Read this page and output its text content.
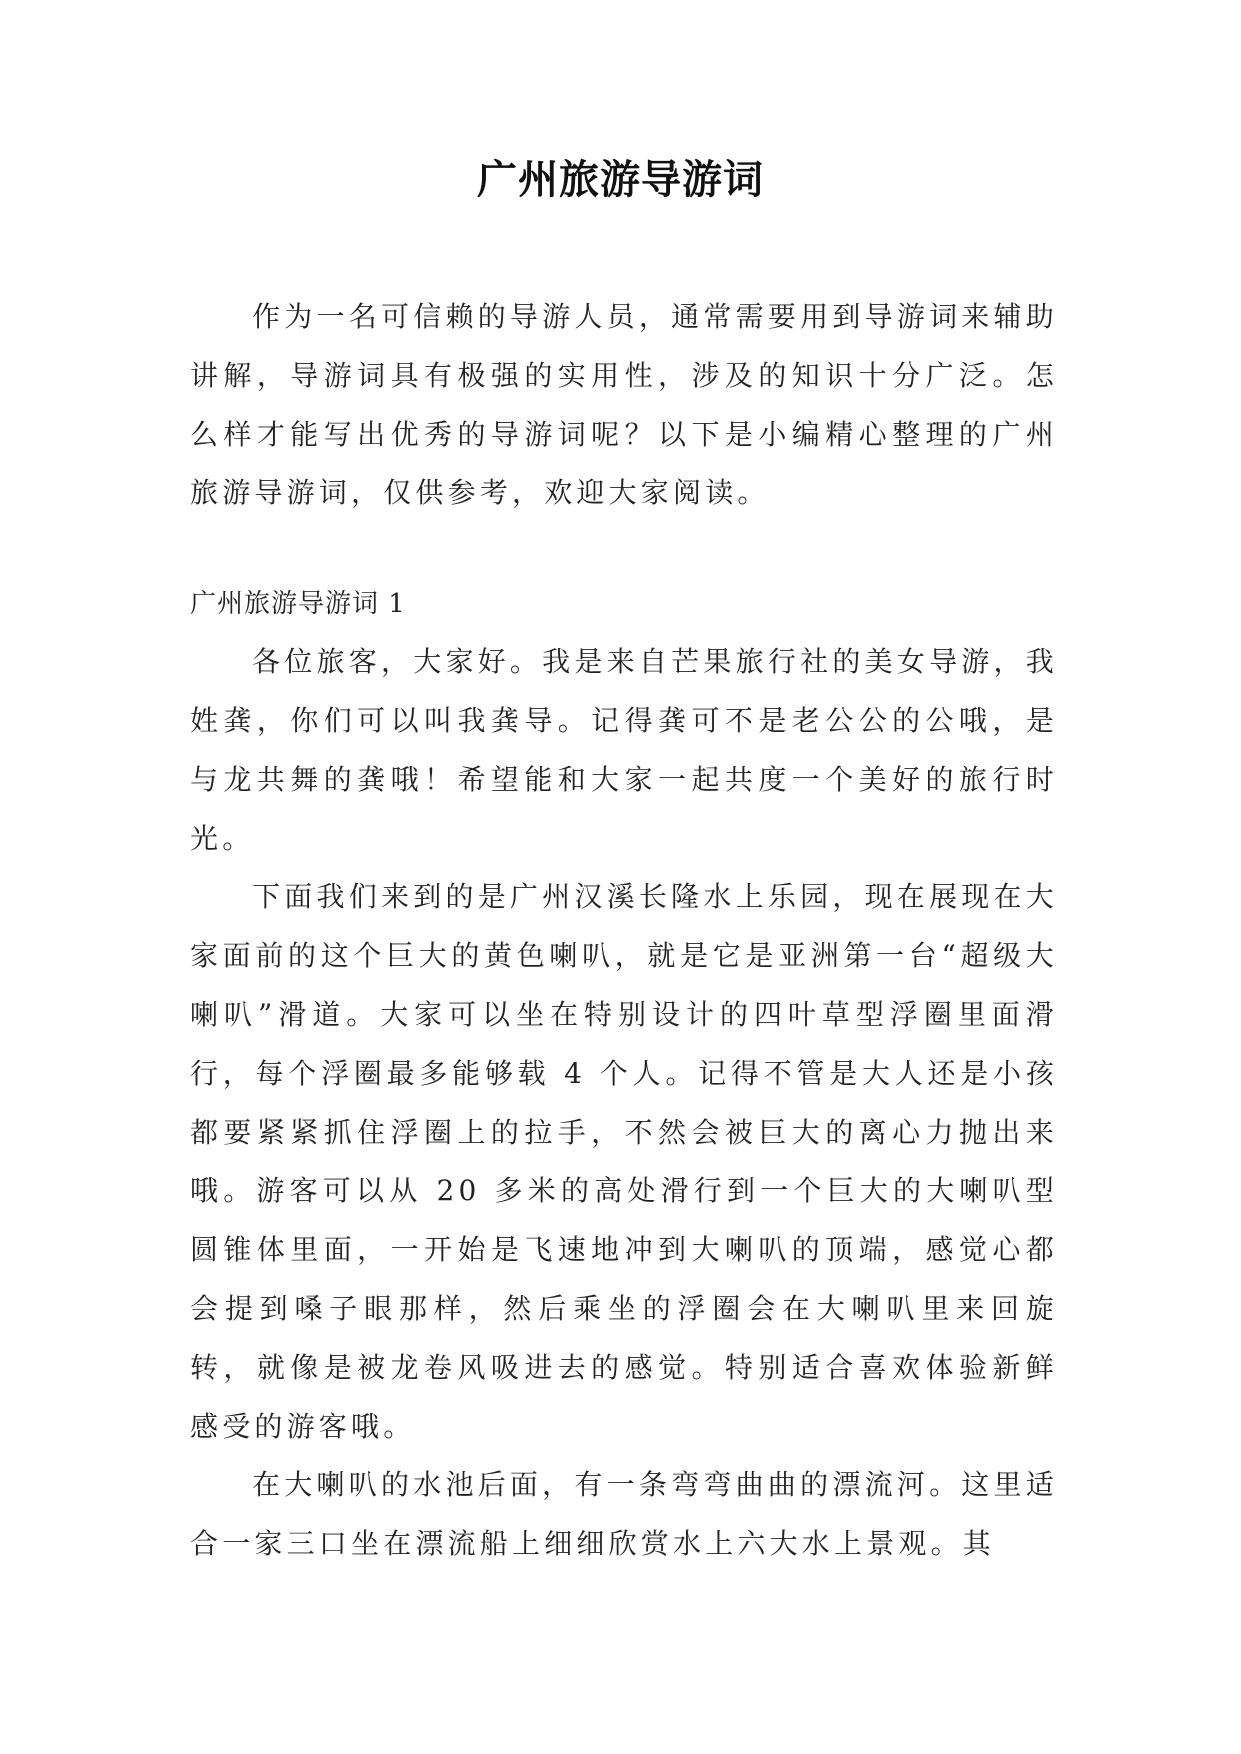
广州旅游导游词

作为一名可信赖的导游人员，通常需要用到导游词来辅助讲解，导游词具有极强的实用性，涉及的知识十分广泛。怎么样才能写出优秀的导游词呢？以下是小编精心整理的广州旅游导游词，仅供参考，欢迎大家阅读。

广州旅游导游词 1

各位旅客，大家好。我是来自芒果旅行社的美女导游，我姓龚，你们可以叫我龚导。记得龚可不是老公公的公哦，是与龙共舞的龚哦！希望能和大家一起共度一个美好的旅行时光。

下面我们来到的是广州汉溪长隆水上乐园，现在展现在大家面前的这个巨大的黄色喇叭，就是它是亚洲第一台“超级大喇叭”滑道。大家可以坐在特别设计的四叶草型浮圈里面滑行，每个浮圈最多能够载 4 个人。记得不管是大人还是小孩都要紧紧抓住浮圈上的拉手，不然会被巨大的离心力抛出来哦。游客可以从 20 多米的高处滑行到一个巨大的大喇叭型圆锥体里面，一开始是飞速地冲到大喇叭的顶端，感觉心都会提到嗓子眼那样，然后乘坐的浮圈会在大喇叭里来回旋转，就像是被龙卷风吸进去的感觉。特别适合喜欢体验新鲜感受的游客哦。

在大喇叭的水池后面，有一条弯弯曲曲的漂流河。这里适合一家三口坐在漂流船上细细欣赏水上六大水上景观。其
